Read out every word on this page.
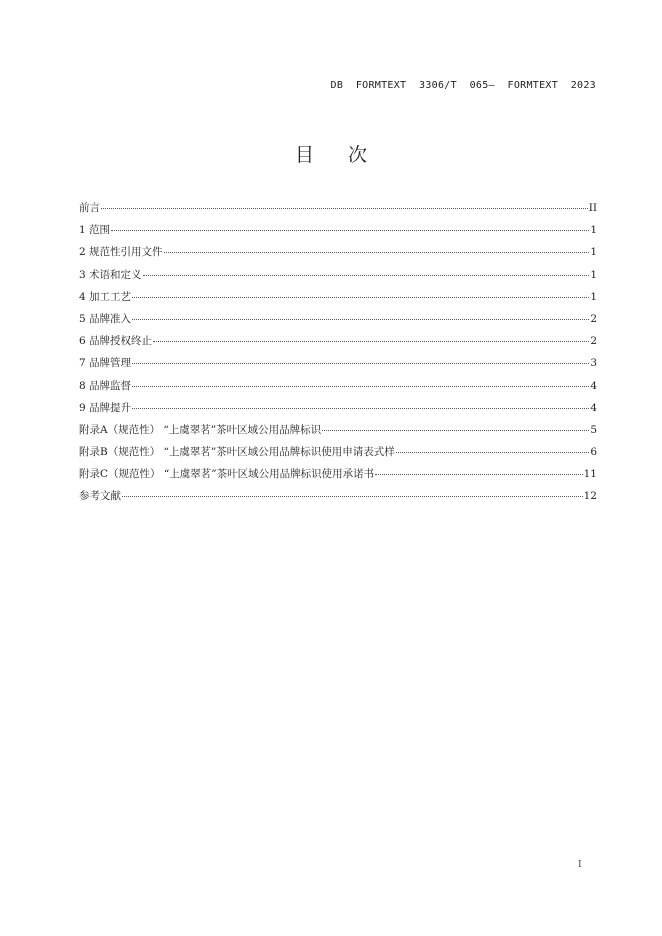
DB  FORMTEXT  3306/T  065—  FORMTEXT  2023
目次
前言	II
1 范围	1
2 规范性引用文件	1
3 术语和定义	1
4 加工工艺	1
5 品牌准入	2
6 品牌授权终止	2
7 品牌管理	3
8 品牌监督	4
9 品牌提升	4
附录A（规范性） “上虞翠茗”茶叶区域公用品牌标识	5
附录B（规范性） “上虞翠茗”茶叶区域公用品牌标识使用申请表式样	6
附录C（规范性） “上虞翠茗”茶叶区域公用品牌标识使用承诺书	11
参考文献	12
I
